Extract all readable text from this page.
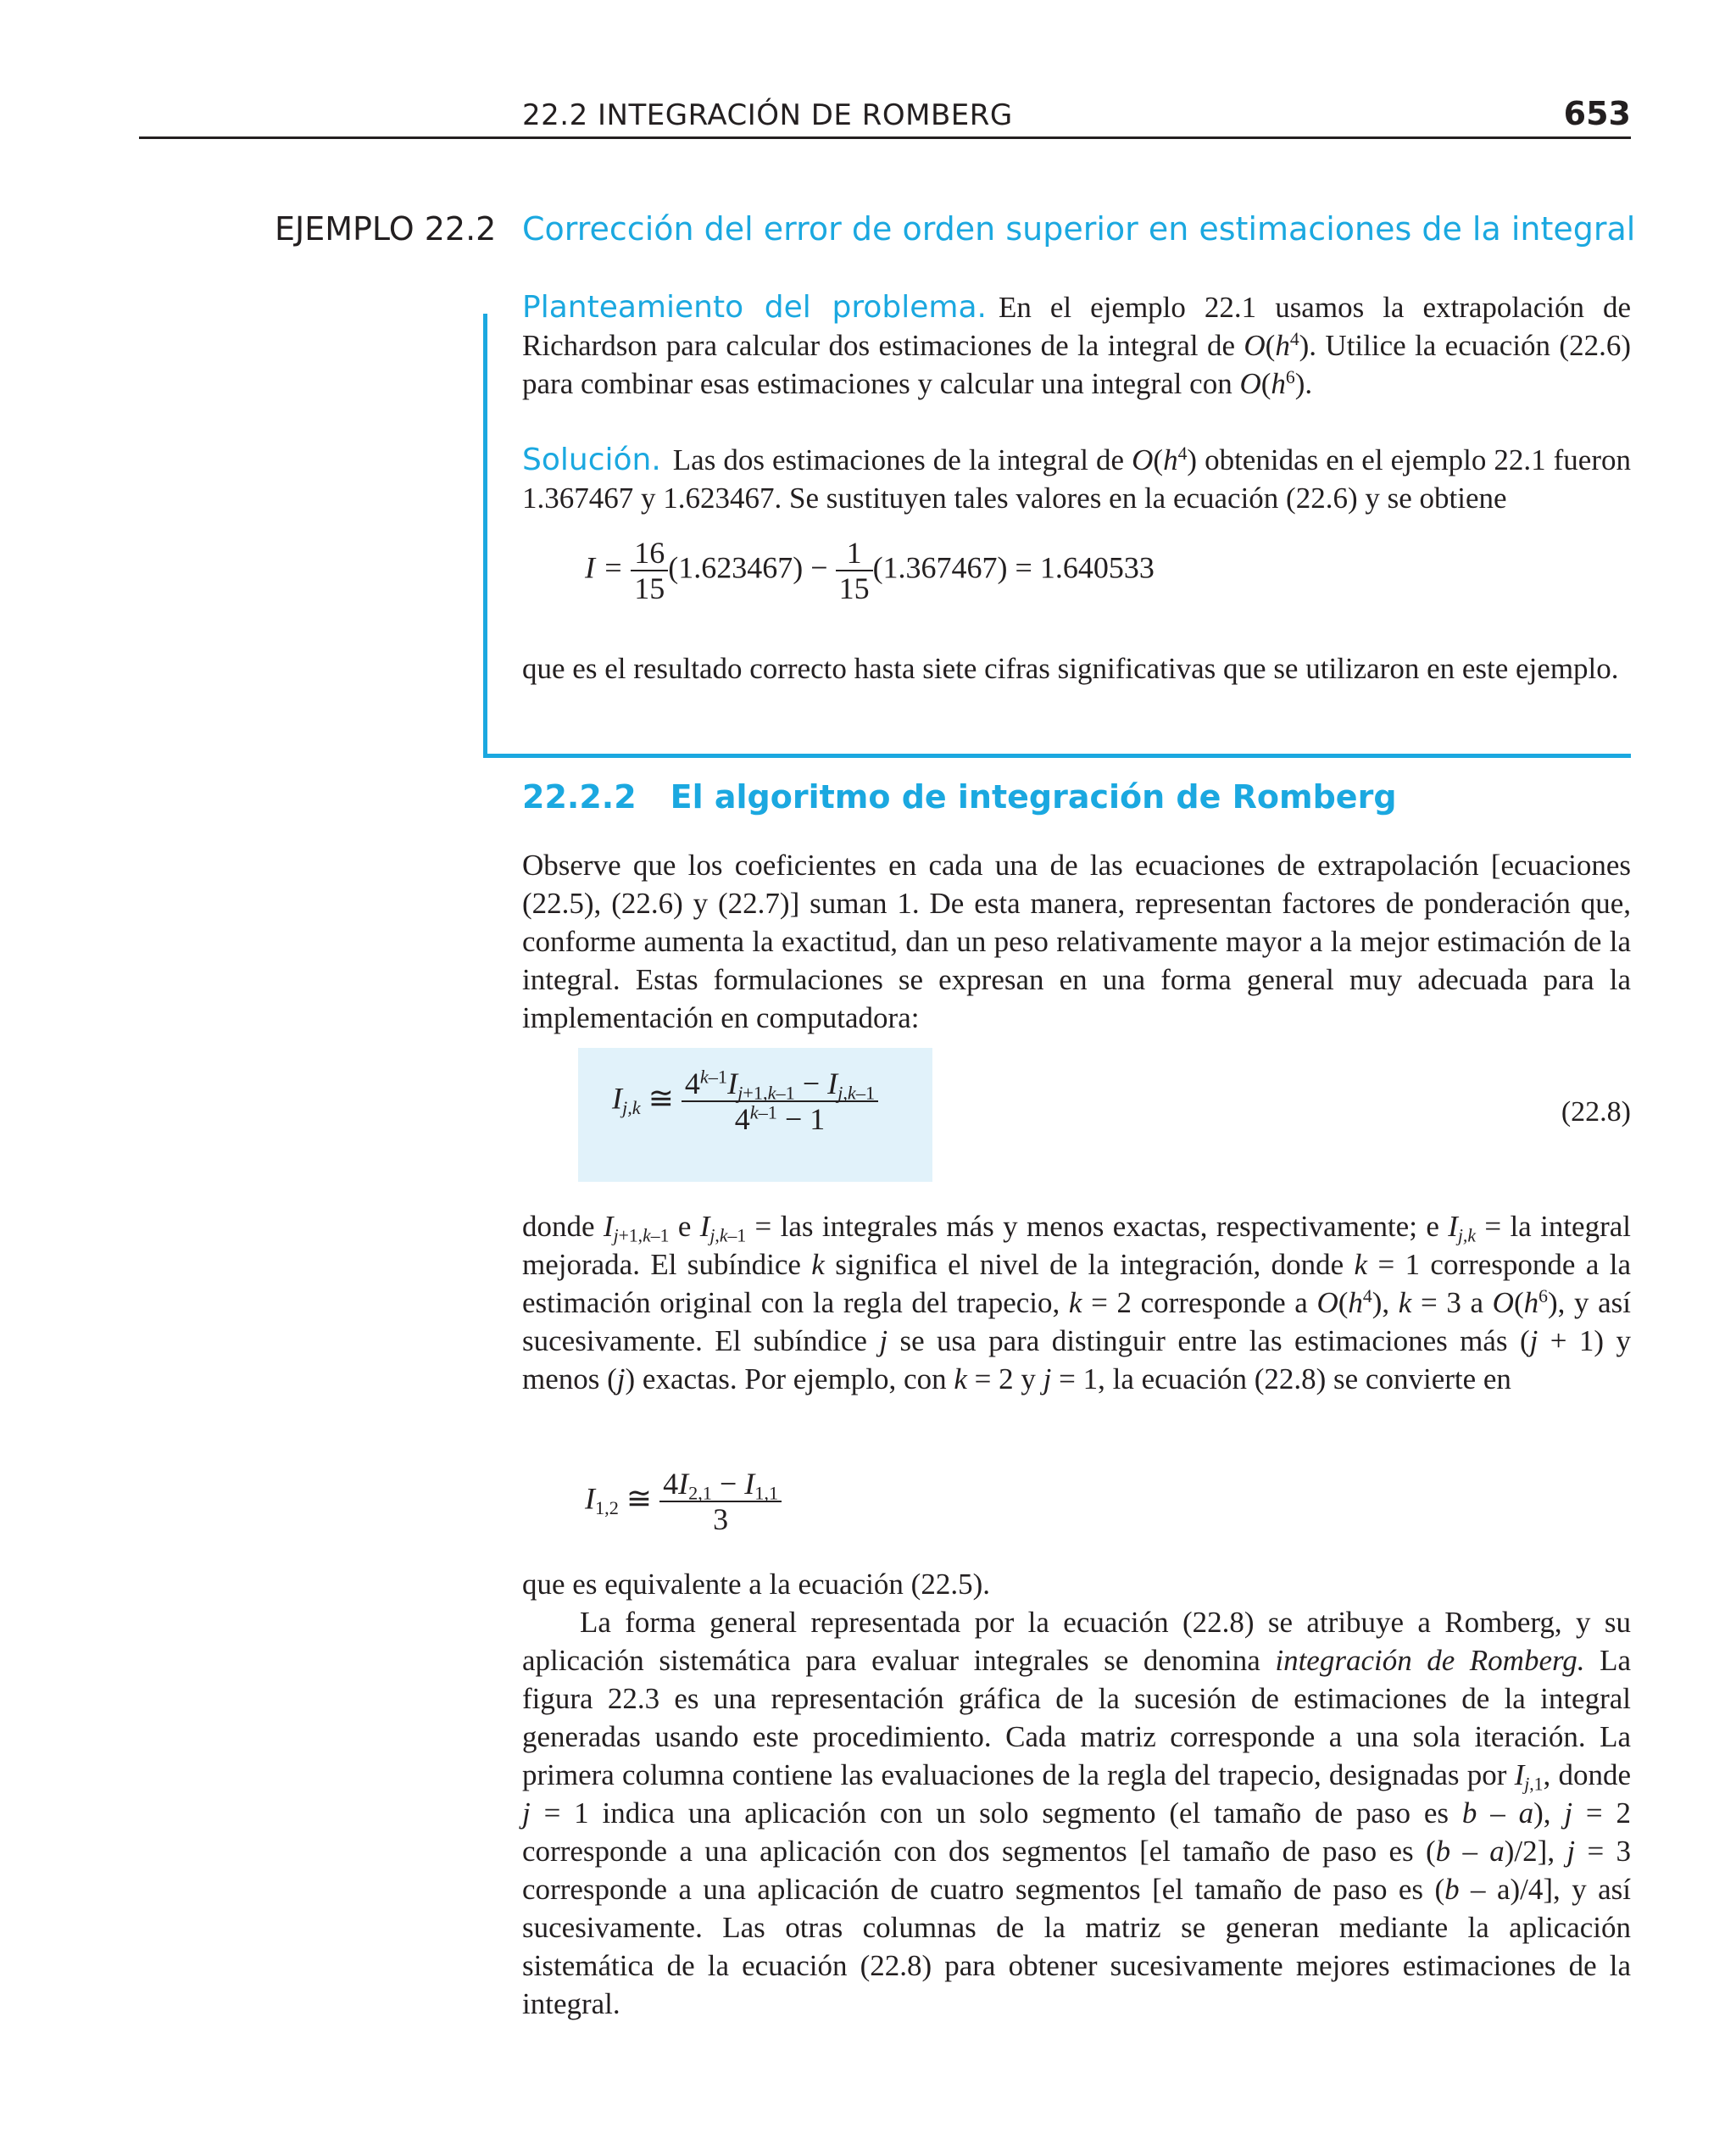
22.2 INTEGRACIÓN DE ROMBERG	653
EJEMPLO 22.2 Corrección del error de orden superior en estimaciones de la integral
Planteamiento del problema. En el ejemplo 22.1 usamos la extrapolación de Richardson para calcular dos estimaciones de la integral de $O(h^4)$. Utilice la ecuación (22.6) para combinar esas estimaciones y calcular una integral con $O(h^6)$.
Solución. Las dos estimaciones de la integral de $O(h^4)$ obtenidas en el ejemplo 22.1 fueron 1.367467 y 1.623467. Se sustituyen tales valores en la ecuación (22.6) y se obtiene
$I = \frac{16}{15} (1.623467) - \frac{1}{15} (1.367467) = 1.640533$
que es el resultado correcto hasta siete cifras significativas que se utilizaron en este ejemplo.
22.2.2 El algoritmo de integración de Romberg
Observe que los coeficientes en cada una de las ecuaciones de extrapolación [ecuaciones (22.5), (22.6) y (22.7)] suman 1. De esta manera, representan factores de ponderación que, conforme aumenta la exactitud, dan un peso relativamente mayor a la mejor estimación de la integral. Estas formulaciones se expresan en una forma general muy adecuada para la implementación en computadora:
$I_{j,k}$ ≅ $\frac{4^{k-1}I_{j+1,k-1} - I_{j,k-1}}{4^{k-1} - 1}$	(22.8)
donde $I_{j+1,k-1}$ e $I_{j,k-1}$ = las integrales más y menos exactas, respectivamente; e $I_{j,k}$ = la integral mejorada. El subíndice k significa el nivel de la integración, donde k = 1 corresponde a la estimación original con la regla del trapecio, k = 2 corresponde a $O(h^4)$, k = 3 a $O(h^6)$, y así sucesivamente. El subíndice j se usa para distinguir entre las estimaciones más (j + 1) y menos (j) exactas. Por ejemplo, con k = 2 y j = 1, la ecuación (22.8) se convierte en
$I_{1,2}$ ≅ $\frac{4I_{2,1} - I_{1,1}}{3}$
que es equivalente a la ecuación (22.5).
La forma general representada por la ecuación (22.8) se atribuye a Romberg, y su aplicación sistemática para evaluar integrales se denomina integración de Romberg. La figura 22.3 es una representación gráfica de la sucesión de estimaciones de la integral generadas usando este procedimiento. Cada matriz corresponde a una sola iteración. La primera columna contiene las evaluaciones de la regla del trapecio, designadas por $I_{j,1}$, donde j = 1 indica una aplicación con un solo segmento (el tamaño de paso es b – a), j = 2 corresponde a una aplicación con dos segmentos [el tamaño de paso es (b – a)/2], j = 3 corresponde a una aplicación de cuatro segmentos [el tamaño de paso es (b – a)/4], y así sucesivamente. Las otras columnas de la matriz se generan mediante la aplicación sistemática de la ecuación (22.8) para obtener sucesivamente mejores estimaciones de la integral.
